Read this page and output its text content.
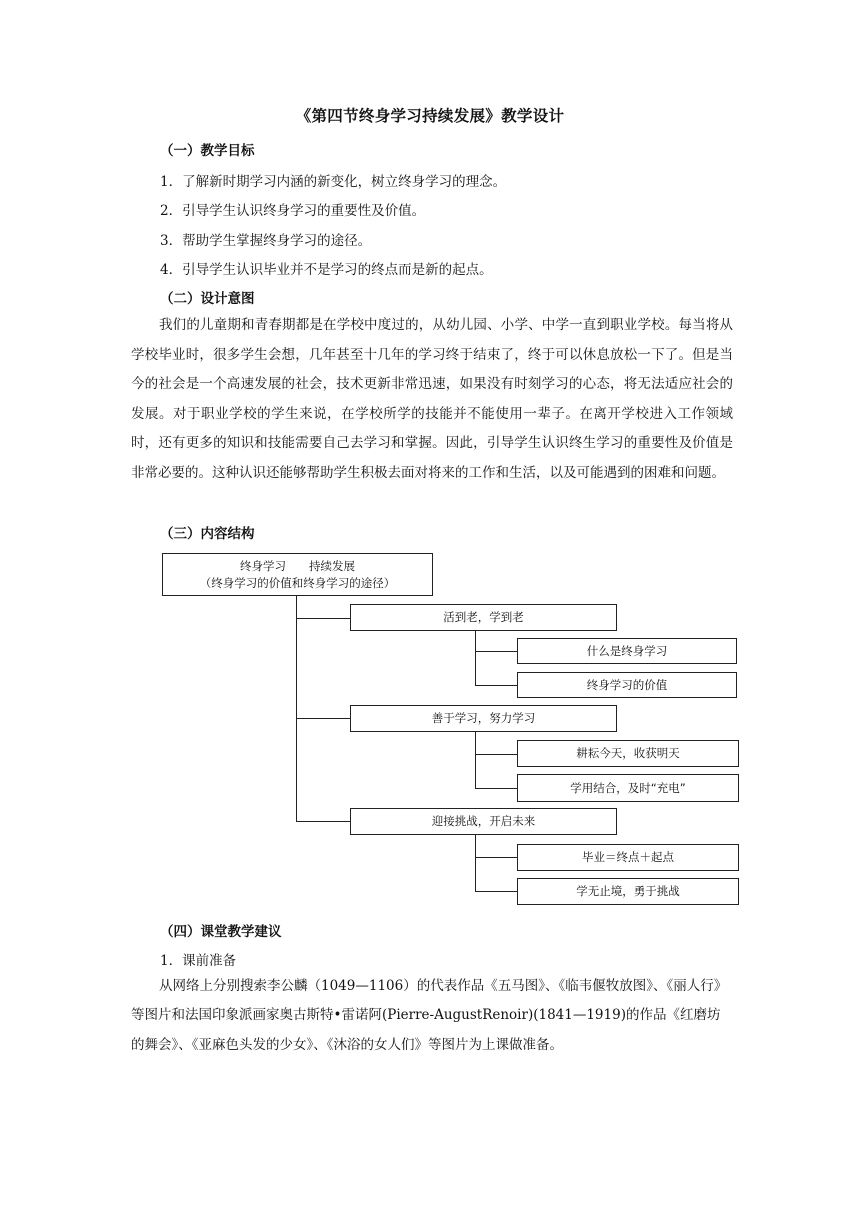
《第四节终身学习持续发展》教学设计
（一）教学目标
1．了解新时期学习内涵的新变化，树立终身学习的理念。
2．引导学生认识终身学习的重要性及价值。
3．帮助学生掌握终身学习的途径。
4．引导学生认识毕业并不是学习的终点而是新的起点。
（二）设计意图

我们的儿童期和青春期都是在学校中度过的，从幼儿园、小学、中学一直到职业学校。每当将从学校毕业时，很多学生会想，几年甚至十几年的学习终于结束了，终于可以休息放松一下了。但是当今的社会是一个高速发展的社会，技术更新非常迅速，如果没有时刻学习的心态，将无法适应社会的发展。对于职业学校的学生来说，在学校所学的技能并不能使用一辈子。在离开学校进入工作领域时，还有更多的知识和技能需要自己去学习和掌握。因此，引导学生认识终生学习的重要性及价值是非常必要的。这种认识还能够帮助学生积极去面对将来的工作和生活，以及可能遇到的困难和问题。

（三）内容结构
终身学习　　持续发展
（终身学习的价值和终身学习的途径）
活到老，学到老
什么是终身学习
终身学习的价值
善于学习，努力学习
耕耘今天，收获明天
学用结合，及时“充电”
迎接挑战，开启未来
毕业＝终点＋起点
学无止境，勇于挑战
（四）课堂教学建议
1．课前准备

从网络上分别搜索李公麟（1049—1106）的代表作品《五马图》、《临韦偃牧放图》、《丽人行》等图片和法国印象派画家奥古斯特•雷诺阿(Pierre-AugustRenoir)(1841—1919)的作品《红磨坊的舞会》、《亚麻色头发的少女》、《沐浴的女人们》等图片为上课做准备。
